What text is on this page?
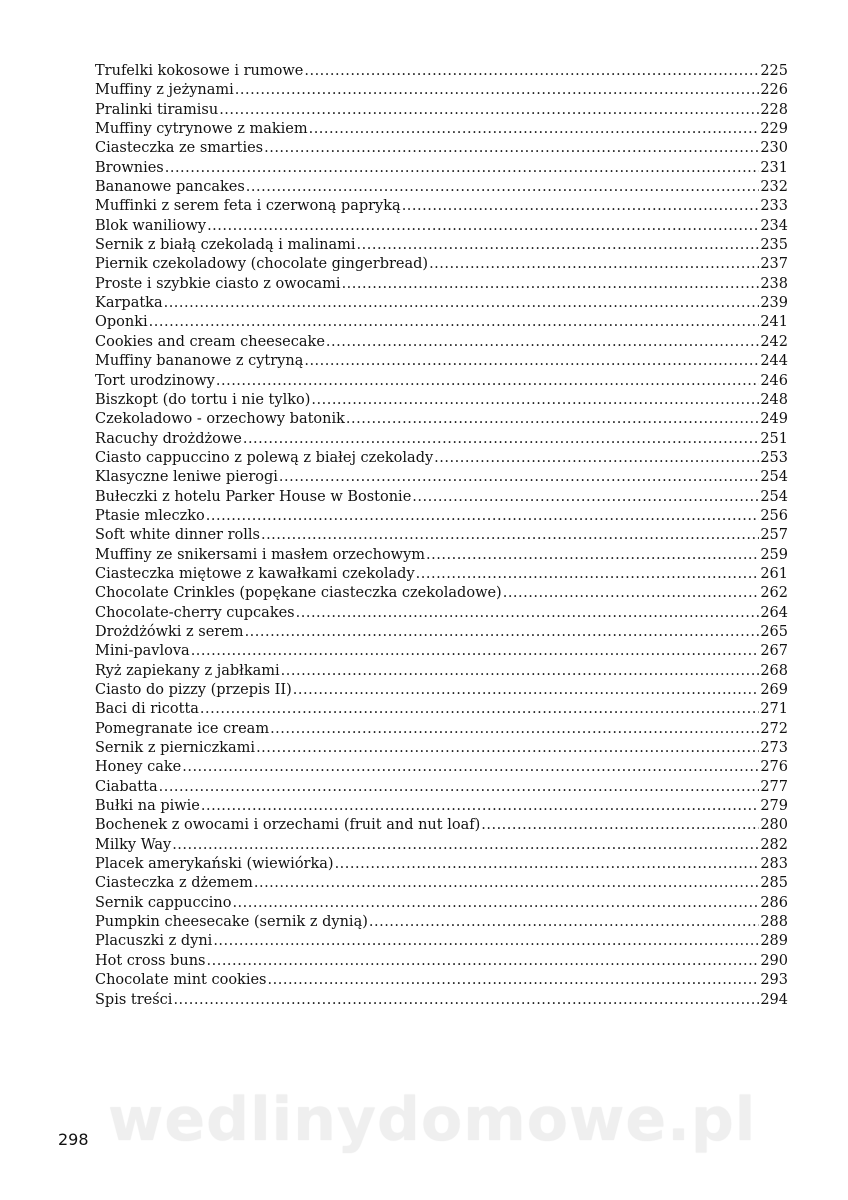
Trufelki kokosowe i rumowe .....	225
Muffiny z jeżynami .....	226
Pralinki tiramisu .....	228
Muffiny cytrynowe z makiem .....	229
Ciasteczka ze smarties .....	230
Brownies .....	231
Bananowe pancakes .....	232
Muffinki z serem feta i czerwoną papryką .....	233
Blok waniliowy .....	234
Sernik z białą czekoladą i malinami .....	235
Piernik czekoladowy (chocolate gingerbread) .....	237
Proste i szybkie ciasto z owocami .....	238
Karpatka .....	239
Oponki .....	241
Cookies and cream cheesecake .....	242
Muffiny bananowe z cytryną .....	244
Tort urodzinowy .....	246
Biszkopt (do tortu i nie tylko) .....	248
Czekoladowo - orzechowy batonik .....	249
Racuchy drożdżowe .....	251
Ciasto cappuccino z polewą z białej czekolady .....	253
Klasyczne leniwe pierogi .....	254
Bułeczki z hotelu Parker House w Bostonie .....	254
Ptasie mleczko .....	256
Soft white dinner rolls .....	257
Muffiny ze snikersami i masłem orzechowym .....	259
Ciasteczka miętowe z kawałkami czekolady .....	261
Chocolate Crinkles (popękane ciasteczka czekoladowe) .....	262
Chocolate-cherry cupcakes .....	264
Drożdżówki z serem .....	265
Mini-pavlova .....	267
Ryż zapiekany z jabłkami .....	268
Ciasto do pizzy (przepis II) .....	269
Baci di ricotta .....	271
Pomegranate ice cream .....	272
Sernik z pierniczkami .....	273
Honey cake .....	276
Ciabatta .....	277
Bułki na piwie .....	279
Bochenek z owocami i orzechami (fruit and nut loaf) .....	280
Milky Way .....	282
Placek amerykański (wiewiórka) .....	283
Ciasteczka z dżemem .....	285
Sernik cappuccino .....	286
Pumpkin cheesecake (sernik z dynią) .....	288
Placuszki z dyni .....	289
Hot cross buns .....	290
Chocolate mint cookies .....	293
Spis treści .....	294
wedlinydomowe.pl
298
